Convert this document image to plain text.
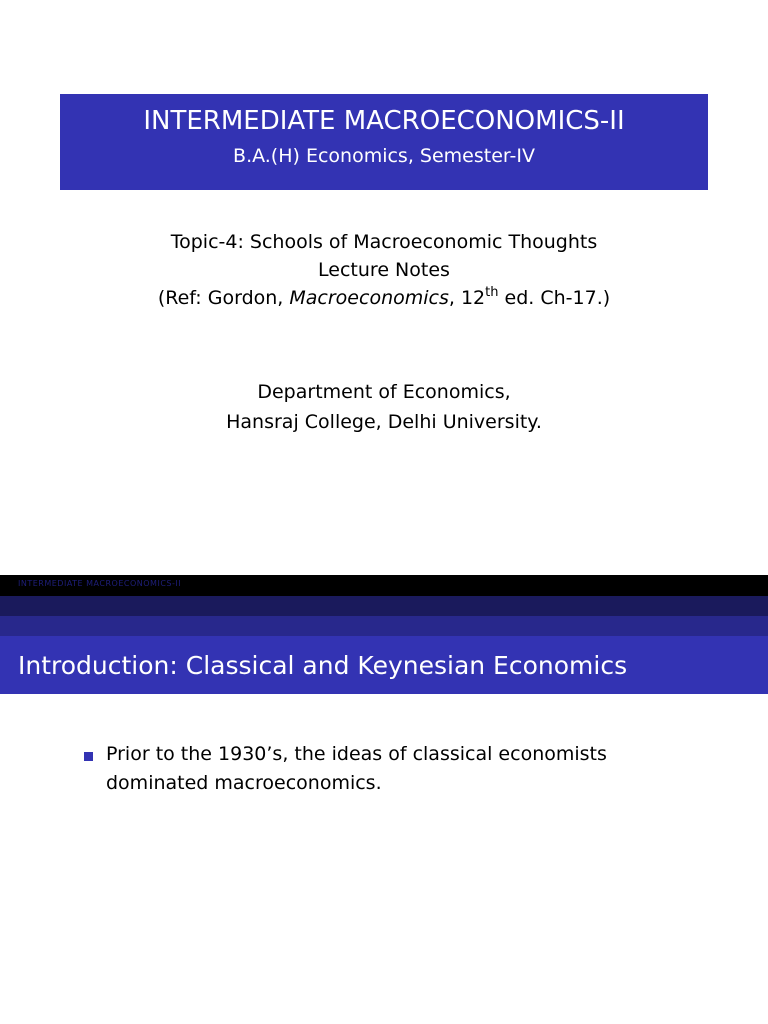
INTERMEDIATE MACROECONOMICS-II
B.A.(H) Economics, Semester-IV
Topic-4: Schools of Macroeconomic Thoughts
Lecture Notes
(Ref: Gordon, Macroeconomics, 12th ed. Ch-17.)
Department of Economics,
Hansraj College, Delhi University.
INTERMEDIATE MACROECONOMICS-II
Introduction: Classical and Keynesian Economics
Prior to the 1930’s, the ideas of classical economists
dominated macroeconomics.
